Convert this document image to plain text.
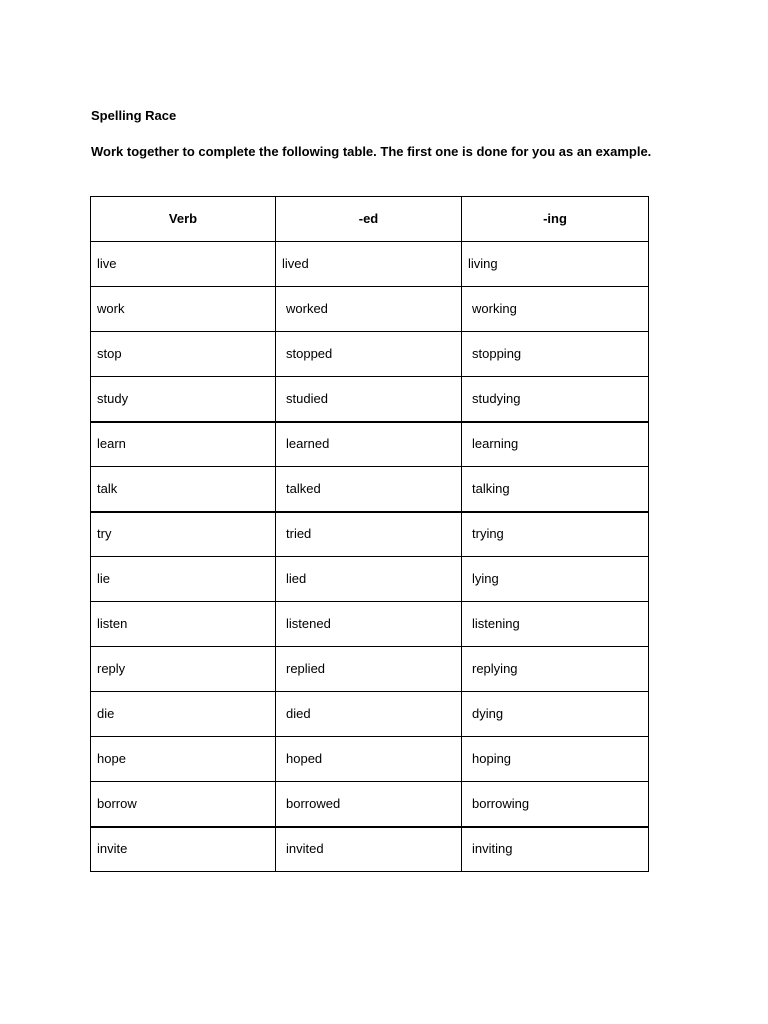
Spelling Race

Work together to complete the following table. The first one is done for you as an example.

Verb	-ed	-ing
live	lived	living
work	worked	working
stop	stopped	stopping
study	studied	studying
learn	learned	learning
talk	talked	talking
try	tried	trying
lie	lied	lying
listen	listened	listening
reply	replied	replying
die	died	dying
hope	hoped	hoping
borrow	borrowed	borrowing
invite	invited	inviting
